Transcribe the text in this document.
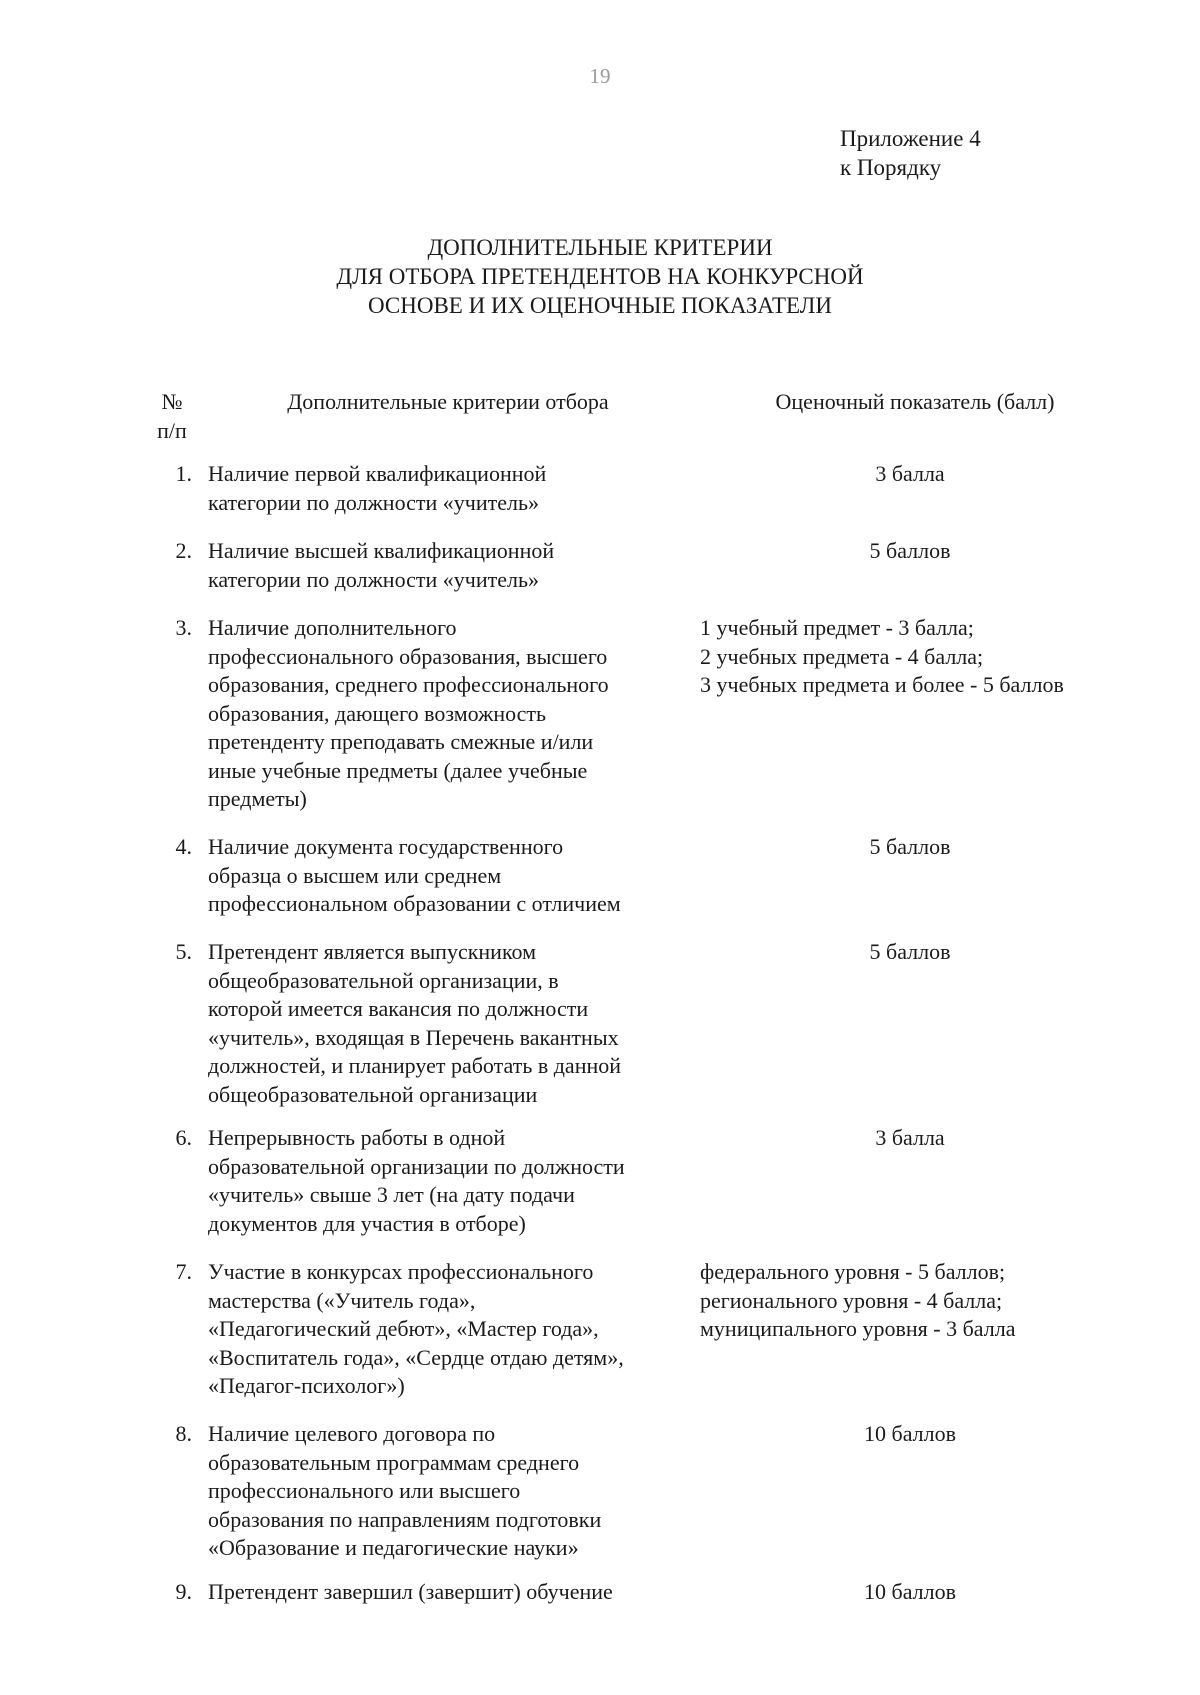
19
Приложение 4
к Порядку
ДОПОЛНИТЕЛЬНЫЕ КРИТЕРИИ
ДЛЯ ОТБОРА ПРЕТЕНДЕНТОВ НА КОНКУРСНОЙ
ОСНОВЕ И ИХ ОЦЕНОЧНЫЕ ПОКАЗАТЕЛИ
№
п/п
Дополнительные критерии отбора	Оценочный показатель (балл)
1. Наличие первой квалификационной
категории по должности «учитель»
3 балла
2. Наличие высшей квалификационной
категории по должности «учитель»
5 баллов
3. Наличие дополнительного
профессионального образования, высшего
образования, среднего профессионального
образования, дающего возможность
претенденту преподавать смежные и/или
иные учебные предметы (далее учебные
предметы)
1 учебный предмет - 3 балла;
2 учебных предмета - 4 балла;
3 учебных предмета и более - 5 баллов
4. Наличие документа государственного
образца о высшем или среднем
профессиональном образовании с отличием
5 баллов
5. Претендент является выпускником
общеобразовательной организации, в
которой имеется вакансия по должности
«учитель», входящая в Перечень вакантных
должностей, и планирует работать в данной
общеобразовательной организации
5 баллов
6. Непрерывность работы в одной
образовательной организации по должности
«учитель» свыше 3 лет (на дату подачи
документов для участия в отборе)
3 балла
7. Участие в конкурсах профессионального
мастерства («Учитель года»,
«Педагогический дебют», «Мастер года»,
«Воспитатель года», «Сердце отдаю детям»,
«Педагог-психолог»)
федерального уровня - 5 баллов;
регионального уровня - 4 балла;
муниципального уровня - 3 балла
8. Наличие целевого договора по
образовательным программам среднего
профессионального или высшего
образования по направлениям подготовки
«Образование и педагогические науки»
10 баллов
9. Претендент завершил (завершит) обучение	10 баллов
